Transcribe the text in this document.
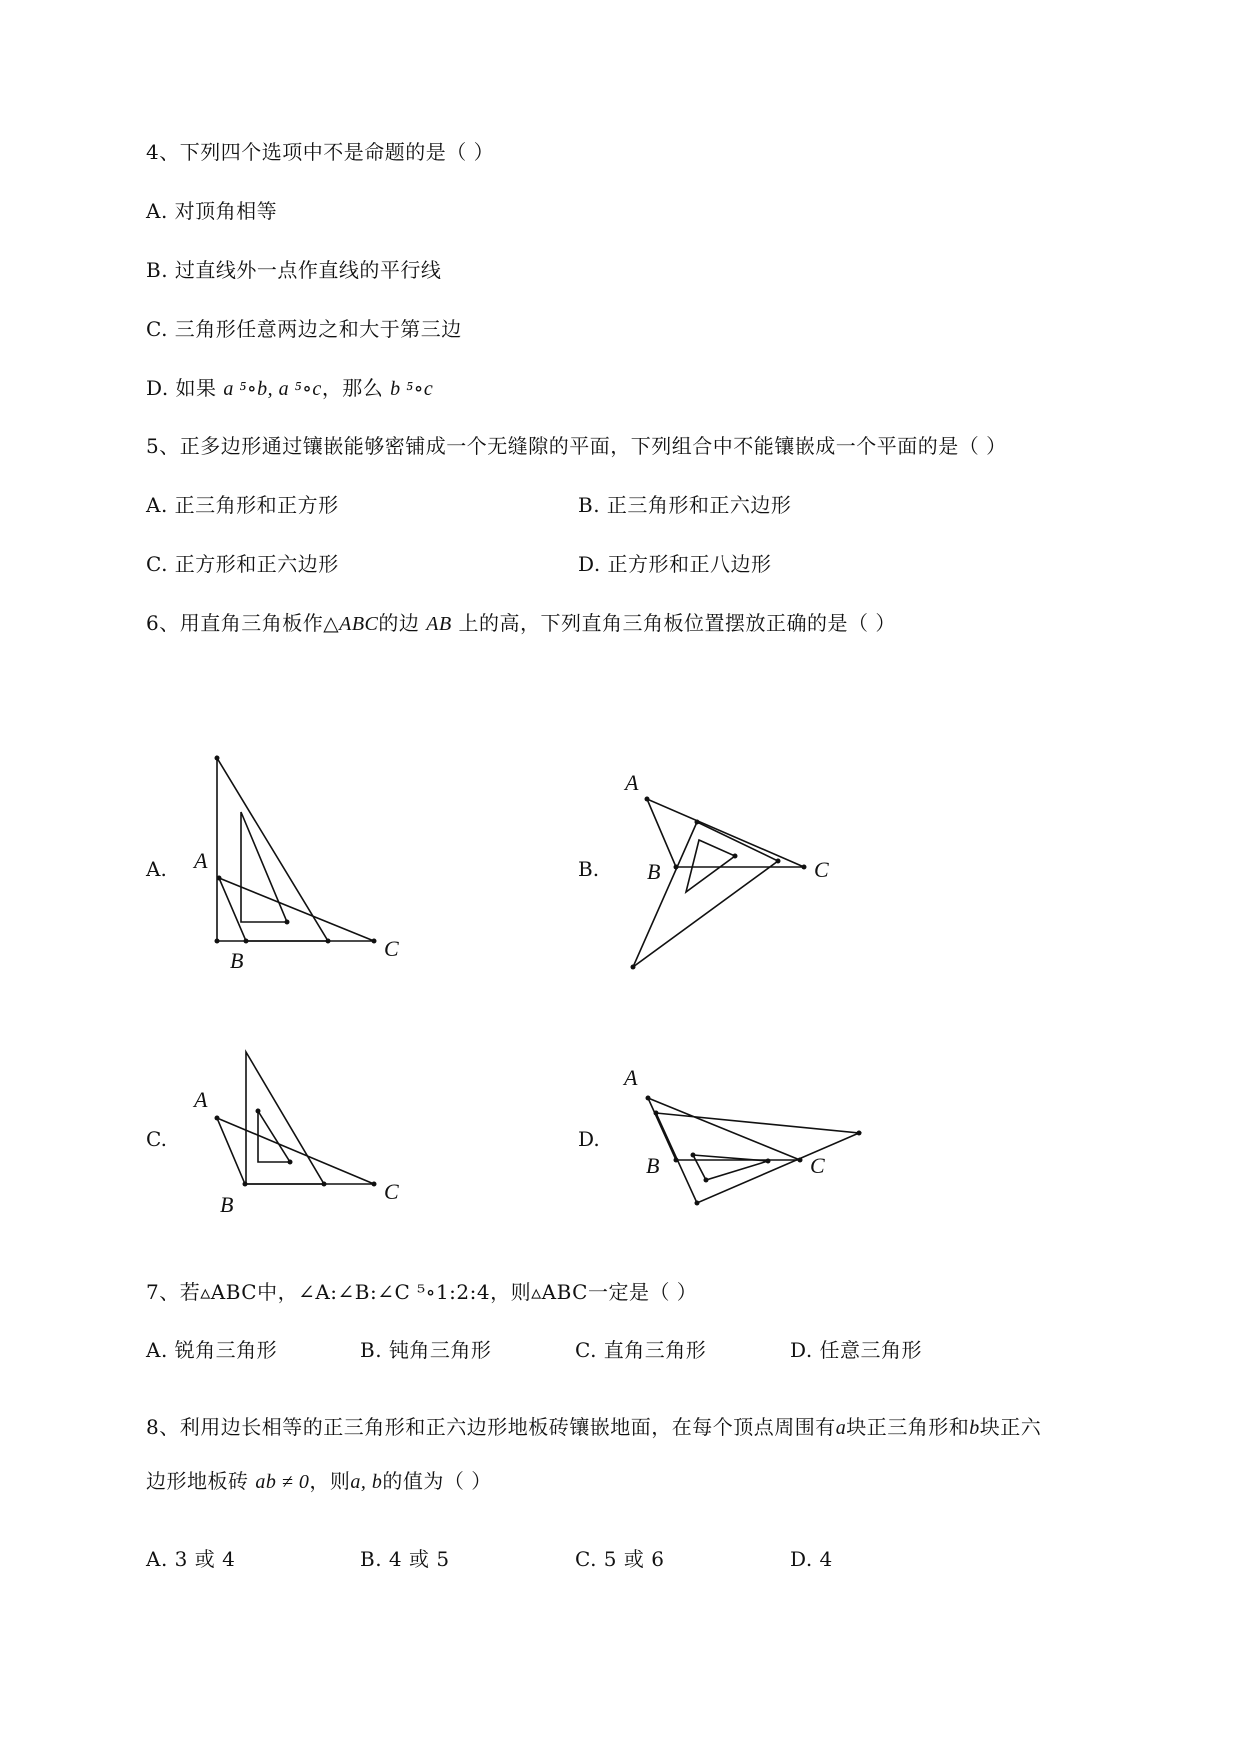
4、下列四个选项中不是命题的是（ ）
A. 对顶角相等
B. 过直线外一点作直线的平行线
C. 三角形任意两边之和大于第三边
D. 如果 a ⁵∘b, a ⁵∘c，那么 b ⁵∘c
5、正多边形通过镶嵌能够密铺成一个无缝隙的平面，下列组合中不能镶嵌成一个平面的是（ ）
A. 正三角形和正方形	B. 正三角形和正六边形
C. 正方形和正六边形	D. 正方形和正八边形
6、用直角三角板作△ABC的边 AB 上的高，下列直角三角板位置摆放正确的是（ ）
A.	B.
C.	D.
A
B	C
A
B	C
A
B
C
A
B	C
7、若▵ABC中，∠A:∠B:∠C ⁵∘1:2:4，则▵ABC一定是（ ）
A. 锐角三角形	B. 钝角三角形	C. 直角三角形	D. 任意三角形
8、利用边长相等的正三角形和正六边形地板砖镶嵌地面，在每个顶点周围有a块正三角形和b块正六
边形地板砖 ab ≠ 0，则a, b的值为（ ）
A. 3 或 4	B. 4 或 5	C. 5 或 6	D. 4
